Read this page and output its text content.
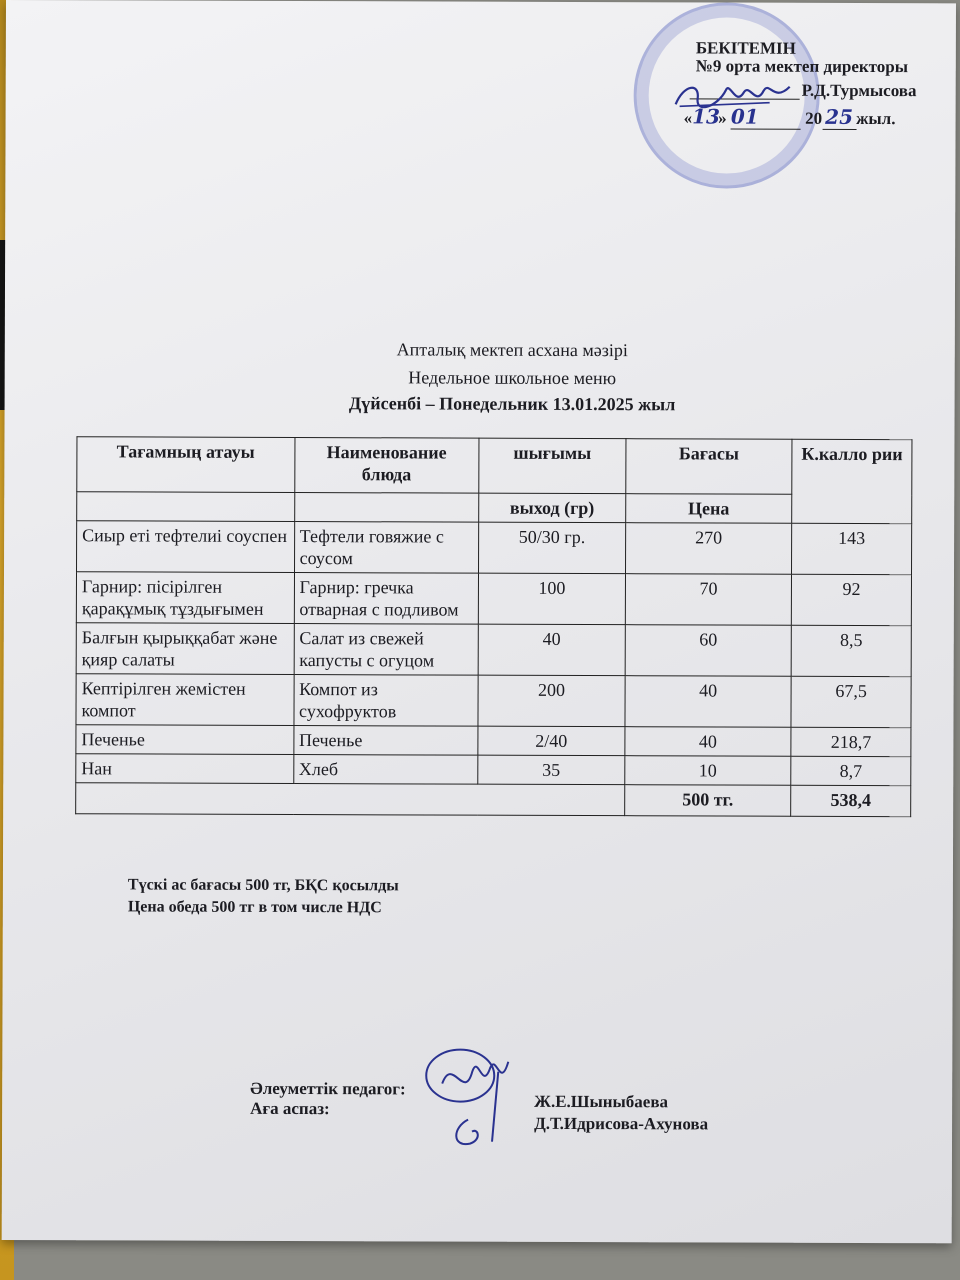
БЕКІТЕМІН
№9 орта мектеп директоры
Р.Д.Турмысова
«13» 01	20 25 жыл.
Апталық мектеп асхана мәзірі
Недельное школьное меню
Дүйсенбі – Понедельник 13.01.2025 жыл
Тағамның атауы	Наименование блюда	шығымы	Бағасы	К.калло рии
		выход (гр)	Цена	
Сиыр еті тефтелиі соуспен	Тефтели говяжие с соусом	50/30 гр.	270	143
Гарнир: пісірілген қарақұмық тұздығымен	Гарнир: гречка отварная с подливом	100	70	92
Балғын қырыққабат және қияр салаты	Салат из свежей капусты с огуцом	40	60	8,5
Кептірілген жемістен компот	Компот из сухофруктов	200	40	67,5
Печенье	Печенье	2/40	40	218,7
Нан	Хлеб	35	10	8,7
			500 тг.	538,4
Түскі ас бағасы 500 тг, БҚС қосылды
Цена обеда 500 тг в том числе НДС
Әлеуметтік педагог:
Аға аспаз:	Ж.Е.Шыныбаева
Д.Т.Идрисова-Ахунова
